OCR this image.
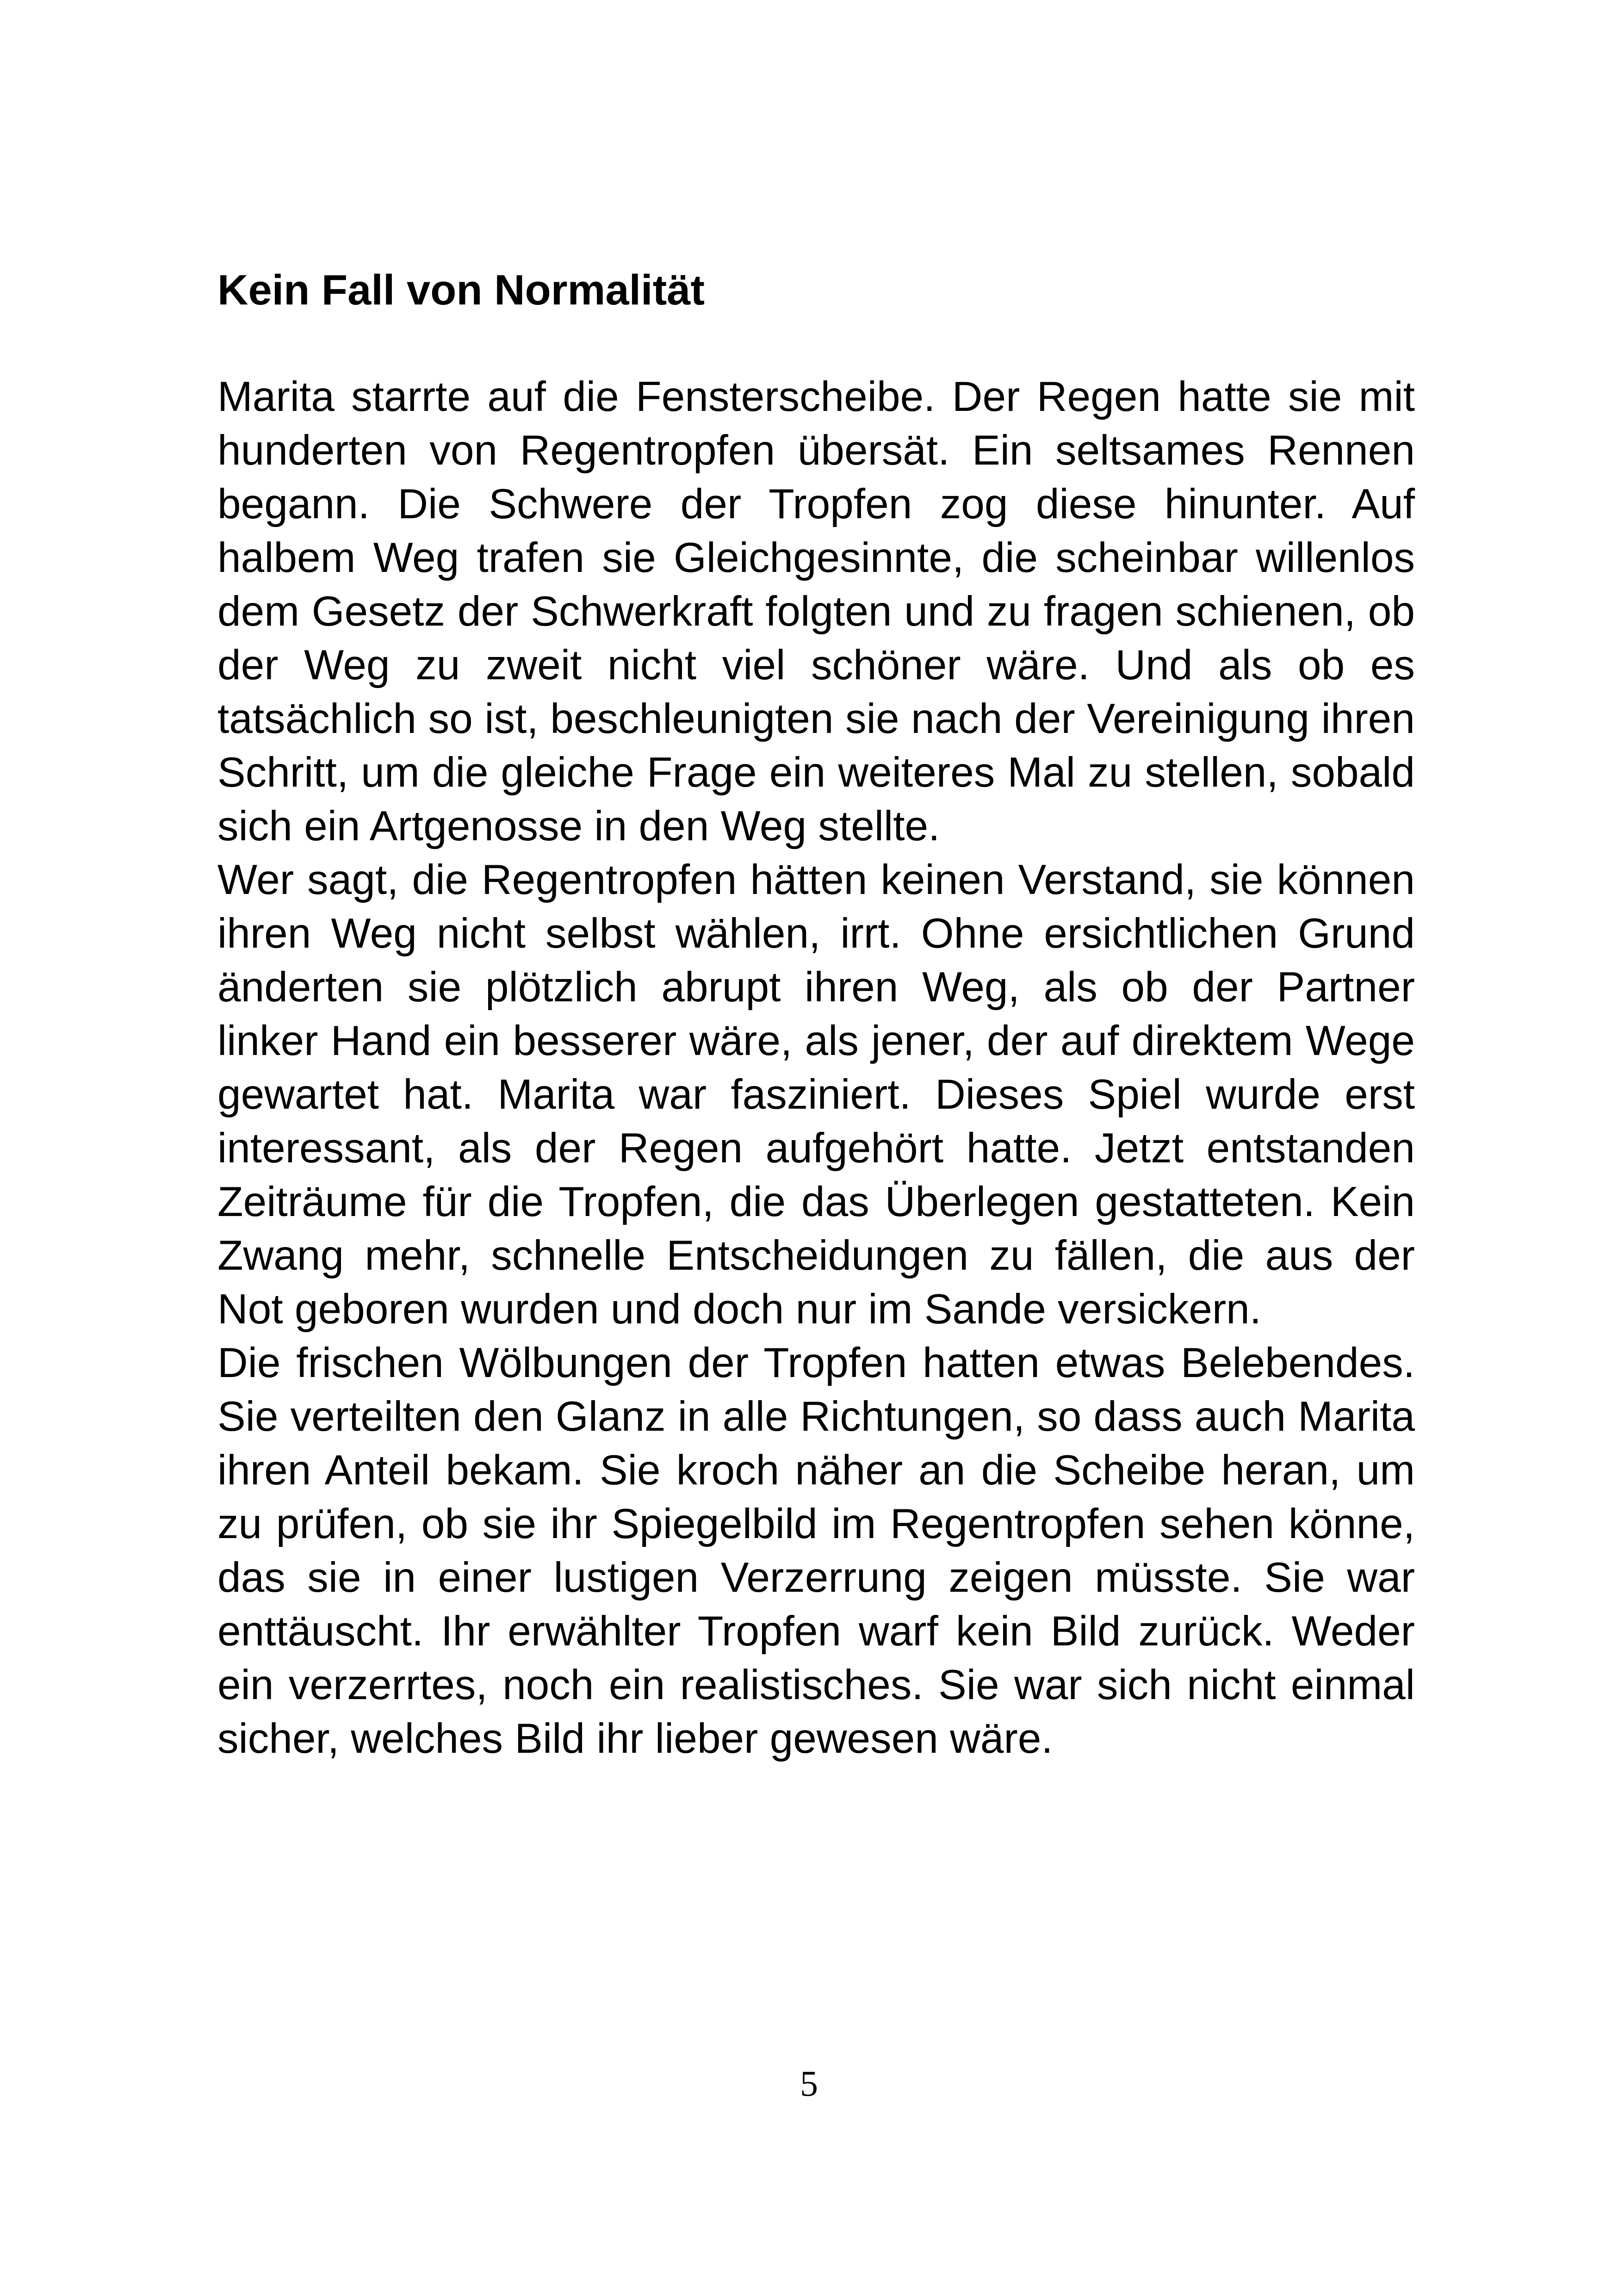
Kein Fall von Normalität

Marita starrte auf die Fensterscheibe. Der Regen hatte sie mit hunderten von Regentropfen übersät. Ein seltsames Rennen begann. Die Schwere der Tropfen zog diese hinunter. Auf halbem Weg trafen sie Gleichgesinnte, die scheinbar willenlos dem Gesetz der Schwerkraft folgten und zu fragen schienen, ob der Weg zu zweit nicht viel schöner wäre. Und als ob es tatsächlich so ist, beschleunigten sie nach der Vereinigung ihren Schritt, um die gleiche Frage ein weiteres Mal zu stellen, sobald sich ein Artgenosse in den Weg stellte.

Wer sagt, die Regentropfen hätten keinen Verstand, sie können ihren Weg nicht selbst wählen, irrt. Ohne ersichtlichen Grund änderten sie plötzlich abrupt ihren Weg, als ob der Partner linker Hand ein besserer wäre, als jener, der auf direktem Wege gewartet hat. Marita war fasziniert. Dieses Spiel wurde erst interessant, als der Regen aufgehört hatte. Jetzt entstanden Zeiträume für die Tropfen, die das Überlegen gestatteten. Kein Zwang mehr, schnelle Entscheidungen zu fällen, die aus der Not geboren wurden und doch nur im Sande versickern.

Die frischen Wölbungen der Tropfen hatten etwas Belebendes. Sie verteilten den Glanz in alle Richtungen, so dass auch Marita ihren Anteil bekam. Sie kroch näher an die Scheibe heran, um zu prüfen, ob sie ihr Spiegelbild im Regentropfen sehen könne, das sie in einer lustigen Verzerrung zeigen müsste. Sie war enttäuscht. Ihr erwählter Tropfen warf kein Bild zurück. Weder ein verzerrtes, noch ein realistisches. Sie war sich nicht einmal sicher, welches Bild ihr lieber gewesen wäre.

5
